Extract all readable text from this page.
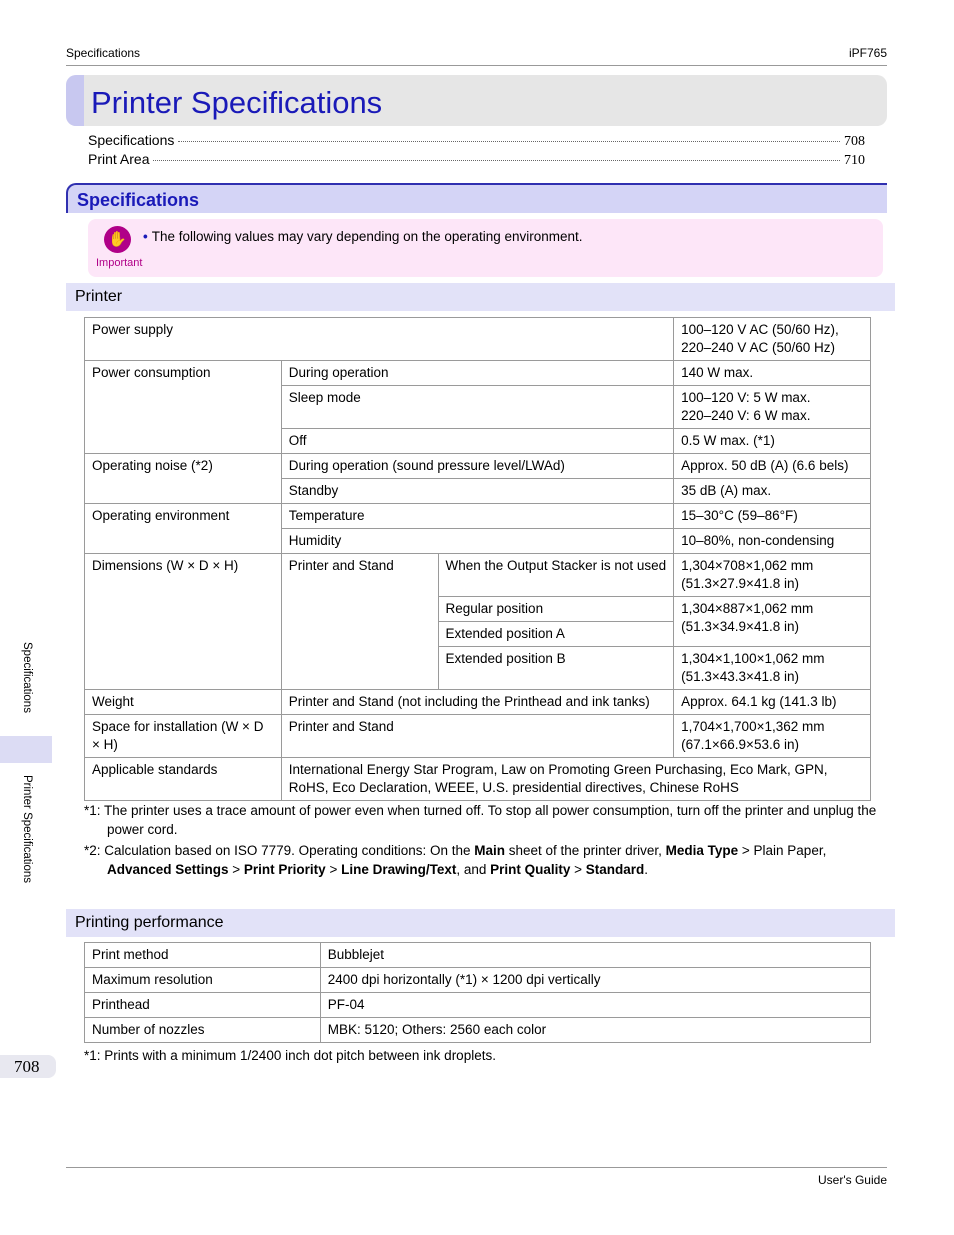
Specifications	iPF765
Printer Specifications
Specifications	708
Print Area	710
Specifications
✋
Important
• The following values may vary depending on the operating environment.
Printer
Power supply			100–120 V AC (50/60 Hz), 220–240 V AC (50/60 Hz)
Power consumption	During operation		140 W max.
	Sleep mode		100–120 V: 5 W max.
220–240 V: 6 W max.

	Off		0.5 W max. (*1)
Operating noise (*2)	During operation (sound pressure level/LWAd)		Approx. 50 dB (A) (6.6 bels)
	Standby		35 dB (A) max.
Operating environment	Temperature		15–30°C (59–86°F)
	Humidity		10–80%, non-condensing
Dimensions (W × D × H)	Printer and Stand	When the Output Stacker is not used	1,304×708×1,062 mm
(51.3×27.9×41.8 in)

		Regular position	1,304×887×1,062 mm
(51.3×34.9×41.8 in)

		Extended position A	
		Extended position B	1,304×1,100×1,062 mm
(51.3×43.3×41.8 in)

Weight	Printer and Stand (not including the Printhead and ink tanks)		Approx. 64.1 kg (141.3 lb)
Space for installation (W × D × H)	Printer and Stand		1,704×1,700×1,362 mm
(67.1×66.9×53.6 in)

Applicable standards	International Energy Star Program, Law on Promoting Green Purchasing, Eco Mark, GPN, RoHS, Eco Declaration, WEEE, U.S. presidential directives, Chinese RoHS		
*1: The printer uses a trace amount of power even when turned off. To stop all power consumption, turn off the printer and unplug the power cord.
*2: Calculation based on ISO 7779. Operating conditions: On the Main sheet of the printer driver, Media Type > Plain Paper, Advanced Settings > Print Priority > Line Drawing/Text, and Print Quality > Standard.
Printing performance
Print method	Bubblejet
Maximum resolution	2400 dpi horizontally (*1) × 1200 dpi vertically
Printhead	PF-04
Number of nozzles	MBK: 5120; Others: 2560 each color
*1: Prints with a minimum 1/2400 inch dot pitch between ink droplets.
Specifications
Printer Specifications
708
User's Guide
